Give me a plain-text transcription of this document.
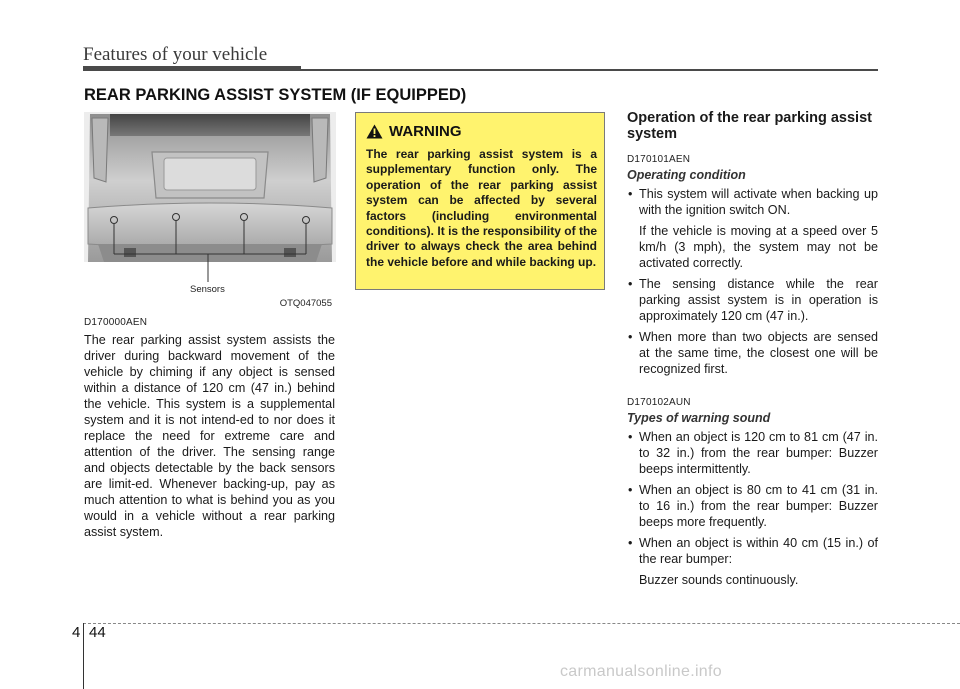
Features of your vehicle
REAR PARKING ASSIST SYSTEM (IF EQUIPPED)
Sensors
OTQ047055
D170000AEN
The rear parking assist system assists the driver during backward movement of the vehicle by chiming if any object is sensed within a distance of 120 cm (47 in.) behind the vehicle. This system is a supplemental system and it is not intend-ed to nor does it replace the need for extreme care and attention of the driver. The sensing range and objects detectable by the back sensors are limit-ed. Whenever backing-up, pay as much attention to what is behind you as you would in a vehicle without a rear parking assist system.
WARNING
The rear parking assist system is a supplementary function only. The operation of the rear parking assist system can be affected by several factors (including environmental conditions). It is the responsibility of the driver to always check the area behind the vehicle before and while backing up.
Operation of the rear parking assist system
D170101AEN
Operating condition
• This system will activate when backing up with the ignition switch ON.
If the vehicle is moving at a speed over 5 km/h (3 mph), the system may not be activated correctly.
• The sensing distance while the rear parking assist system is in operation is approximately 120 cm (47 in.).
• When more than two objects are sensed at the same time, the closest one will be recognized first.
D170102AUN
Types of warning sound
• When an object is 120 cm to 81 cm (47 in. to 32 in.) from the rear bumper: Buzzer beeps intermittently.
• When an object is 80 cm to 41 cm (31 in. to 16 in.) from the rear bumper: Buzzer beeps more frequently.
• When an object is within 40 cm (15 in.) of the rear bumper:
Buzzer sounds continuously.
4 44
carmanualsonline.info
